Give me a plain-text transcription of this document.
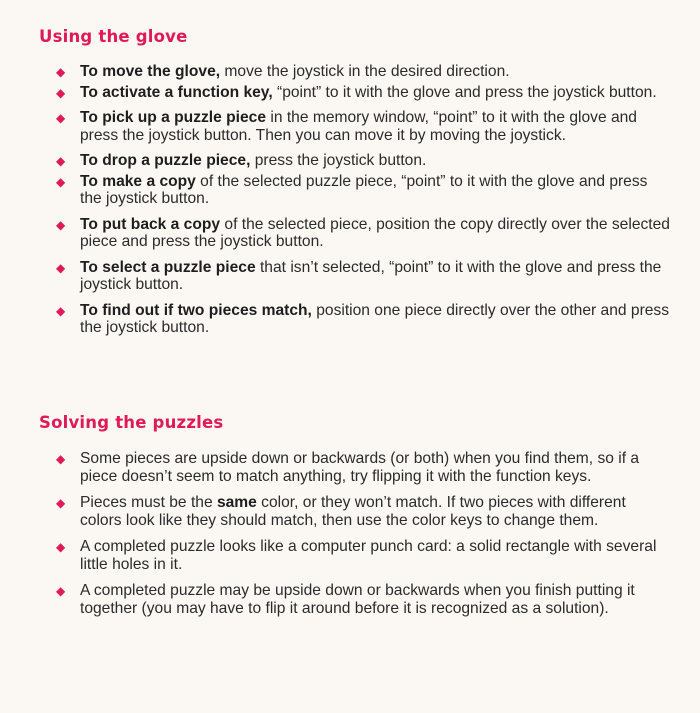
Using the glove
◆ To move the glove, move the joystick in the desired direction.
◆ To activate a function key, “point” to it with the glove and press the joystick button.
◆ To pick up a puzzle piece in the memory window, “point” to it with the glove and press the joystick button. Then you can move it by moving the joystick.
◆ To drop a puzzle piece, press the joystick button.
◆ To make a copy of the selected puzzle piece, “point” to it with the glove and press the joystick button.
◆ To put back a copy of the selected piece, position the copy directly over the selected piece and press the joystick button.
◆ To select a puzzle piece that isn’t selected, “point” to it with the glove and press the joystick button.
◆ To find out if two pieces match, position one piece directly over the other and press the joystick button.
Solving the puzzles
◆ Some pieces are upside down or backwards (or both) when you find them, so if a piece doesn’t seem to match anything, try flipping it with the function keys.
◆ Pieces must be the same color, or they won’t match. If two pieces with different colors look like they should match, then use the color keys to change them.
◆ A completed puzzle looks like a computer punch card: a solid rectangle with several little holes in it.
◆ A completed puzzle may be upside down or backwards when you finish putting it together (you may have to flip it around before it is recognized as a solution).
